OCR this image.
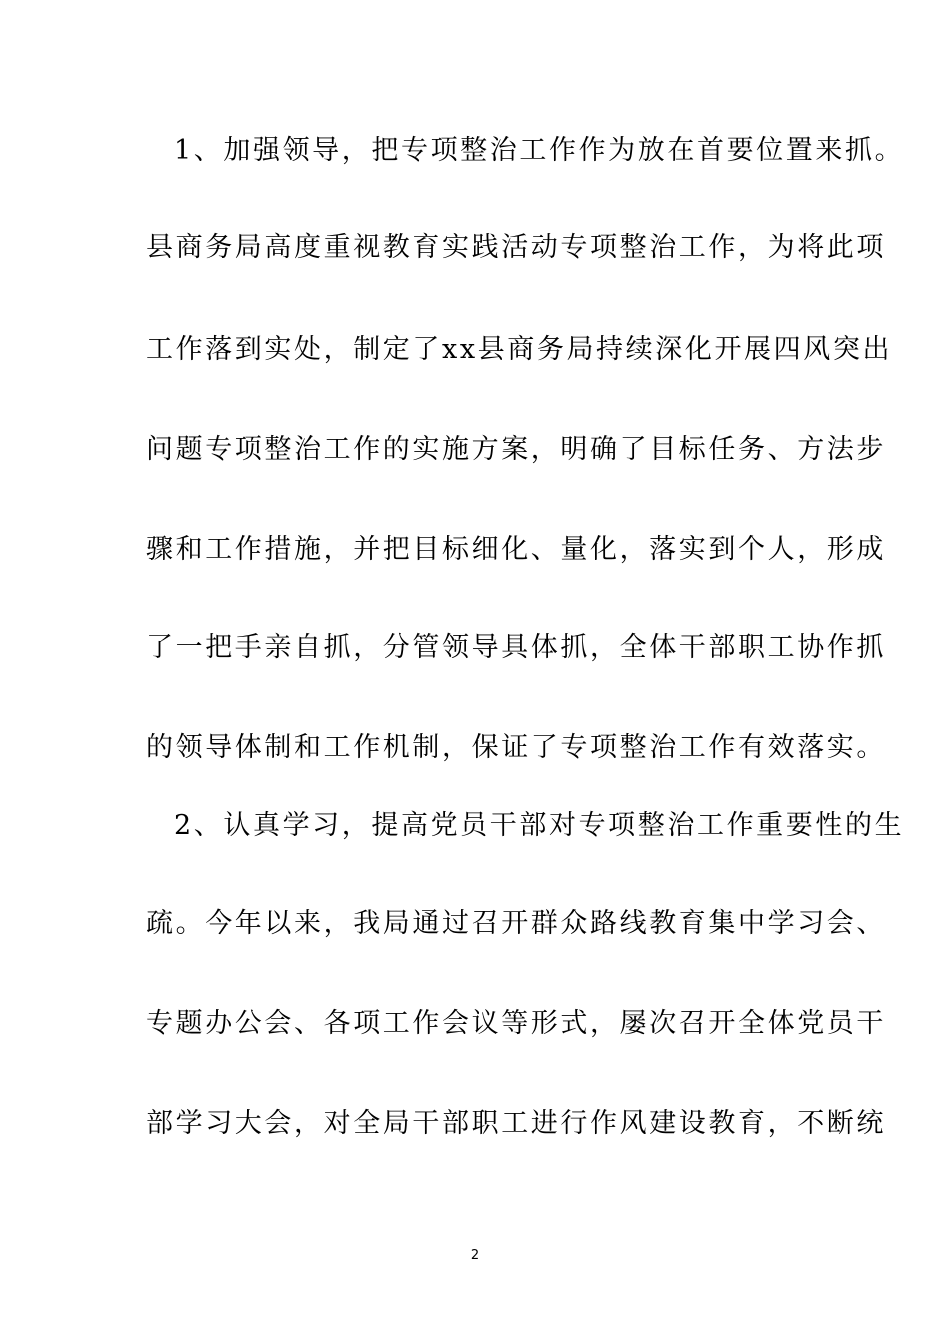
1、加强领导，把专项整治工作作为放在首要位置来抓。
县商务局高度重视教育实践活动专项整治工作，为将此项
工作落到实处，制定了xx县商务局持续深化开展四风突出
问题专项整治工作的实施方案，明确了目标任务、方法步
骤和工作措施，并把目标细化、量化，落实到个人，形成
了一把手亲自抓，分管领导具体抓，全体干部职工协作抓
的领导体制和工作机制，保证了专项整治工作有效落实。
2、认真学习，提高党员干部对专项整治工作重要性的生
疏。今年以来，我局通过召开群众路线教育集中学习会、
专题办公会、各项工作会议等形式，屡次召开全体党员干
部学习大会，对全局干部职工进行作风建设教育，不断统
2
